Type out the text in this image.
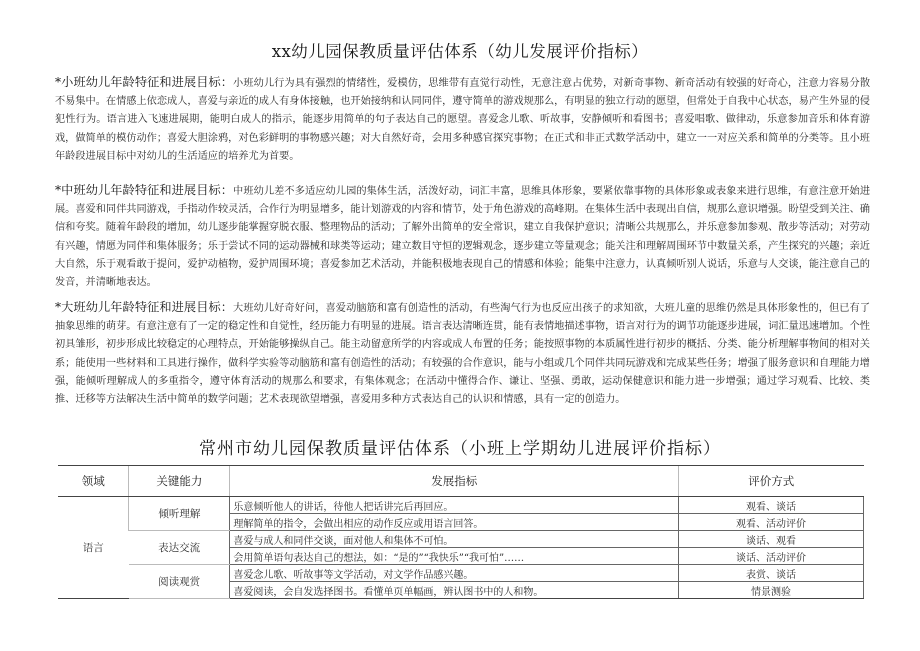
xx幼儿园保教质量评估体系（幼儿发展评价指标）
*小班幼儿年龄特征和进展目标：小班幼儿行为具有强烈的情绪性，爱模仿，思维带有直觉行动性，无意注意占优势，对新奇事物、新奇活动有较强的好奇心，注意力容易分散不易集中。在情感上依恋成人，喜爱与亲近的成人有身体接触，也开始接纳和认同同伴，遵守简单的游戏规那么，有明显的独立行动的愿望，但常处于自我中心状态，易产生外显的侵犯性行为。语言进入飞速进展期，能明白成人的指示，能逐步用简单的句子表达自己的愿望。喜爱念儿歌、听故事，安静倾听和看图书；喜爱唱歌、做律动，乐意参加音乐和体育游戏，做简单的模仿动作；喜爱大胆涂鸦，对色彩鲜明的事物感兴趣；对大自然好奇，会用多种感官探究事物；在正式和非正式数学活动中，建立一一对应关系和简单的分类等。且小班年龄段进展目标中对幼儿的生活适应的培养尤为首要。
*中班幼儿年龄特征和进展目标：中班幼儿差不多适应幼儿园的集体生活，活泼好动，词汇丰富，思维具体形象，要紧依靠事物的具体形象或表象来进行思维，有意注意开始进展。喜爱和同伴共同游戏，手指动作较灵活，合作行为明显增多，能计划游戏的内容和情节，处于角色游戏的高峰期。在集体生活中表现出自信，规那么意识增强。盼望受到关注、确信和夸奖。随着年龄段的增加，幼儿逐步能掌握穿脱衣服、整理物品的活动；了解外出简单的安全常识，建立自我保护意识；清晰公共规那么，并乐意参加参观、散步等活动；对劳动有兴趣，情愿为同伴和集体服务；乐于尝试不同的运动器械和球类等运动；建立数目守恒的逻辑观念，逐步建立等量观念；能关注和理解周围环节中数量关系，产生探究的兴趣；亲近大自然，乐于观看敢于提问，爱护动植物，爱护周围环境；喜爱参加艺术活动，并能积极地表现自己的情感和体验；能集中注意力，认真倾听别人说话，乐意与人交谈，能注意自己的发音，并清晰地表达。
*大班幼儿年龄特征和进展目标：大班幼儿好奇好问，喜爱动脑筋和富有创造性的活动，有些淘气行为也反应出孩子的求知欲，大班儿童的思维仍然是具体形象性的，但已有了抽象思维的萌芽。有意注意有了一定的稳定性和自觉性，经历能力有明显的进展。语言表达清晰连贯，能有表情地描述事物，语言对行为的调节功能逐步进展，词汇量迅速增加。个性初具雏形，初步形成比较稳定的心理特点，开始能够操纵自己。能主动留意所学的内容或成人布置的任务；能按照事物的本质属性进行初步的概括、分类、能分析理解事物间的相对关系；能使用一些材料和工具进行操作，做科学实验等动脑筋和富有创造性的活动；有较强的合作意识，能与小组或几个同伴共同玩游戏和完成某些任务；增强了服务意识和自理能力增强，能倾听理解成人的多重指令，遵守体育活动的规那么和要求，有集体观念；在活动中懂得合作、谦让、坚强、勇敢，运动保健意识和能力进一步增强；通过学习观看、比较、类推、迁移等方法解决生活中简单的数学问题；艺术表现欲望增强，喜爱用多种方式表达自己的认识和情感，具有一定的创造力。
常州市幼儿园保教质量评估体系（小班上学期幼儿进展评价指标）
领域	关键能力	发展指标	评价方式
语言	倾听理解	乐意倾听他人的讲话，待他人把话讲完后再回应。	观看、谈话
		理解简单的指令，会做出相应的动作反应或用语言回答。	观看、活动评价
	表达交流	喜爱与成人和同伴交谈，面对他人和集体不可怕。	谈话、观看
		会用简单语句表达自己的想法，如：“是的”“我快乐”“我可怕”……	谈话、活动评价
	阅读观赏	喜爱念儿歌、听故事等文学活动，对文学作品感兴趣。	表赏、谈话
		喜爱阅读，会自发选择图书。看懂单页单幅画，辨认图书中的人和物。	情景测验
